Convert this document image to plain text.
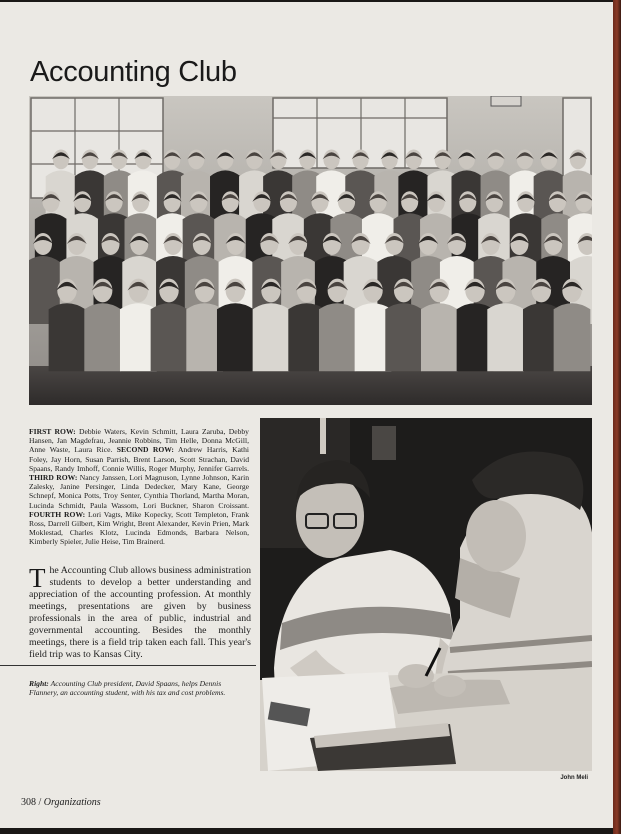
Accounting Club

FIRST ROW: Debbie Waters, Kevin Schmitt, Laura Zaruba, Debby Hansen, Jan Magdefrau, Jeannie Robbins, Tim Helle, Donna McGill, Anne Waste, Laura Rice. SECOND ROW: Andrew Harris, Kathi Foley, Jay Horn, Susan Parrish, Brent Larson, Scott Strachan, David Spaans, Randy Imhoff, Connie Willis, Roger Murphy, Jennifer Garrels. THIRD ROW: Nancy Janssen, Lori Magnuson, Lynne Johnson, Karin Zalesky, Janine Persinger, Linda Dedecker, Mary Kane, George Schnepf, Monica Potts, Troy Senter, Cynthia Thorland, Martha Moran, Lucinda Schmidt, Paula Wassom, Lori Buckner, Sharon Croissant. FOURTH ROW: Lori Vagts, Mike Kopecky, Scott Templeton, Frank Ross, Darrell Gilbert, Kim Wright, Brent Alexander, Kevin Prien, Mark Moklestad, Charles Klotz, Lucinda Edmonds, Barbara Nelson, Kimberly Spieler, Julie Heise, Tim Brainerd.

The Accounting Club allows business administration students to develop a better understanding and appreciation of the accounting profession. At monthly meetings, presentations are given by business professionals in the area of public, industrial and governmental accounting. Besides the monthly meetings, there is a field trip taken each fall. This year's field trip was to Kansas City.

Right: Accounting Club president, David Spaans, helps Dennis Flannery, an accounting student, with his tax and cost problems.

John Meli
308 / Organizations
